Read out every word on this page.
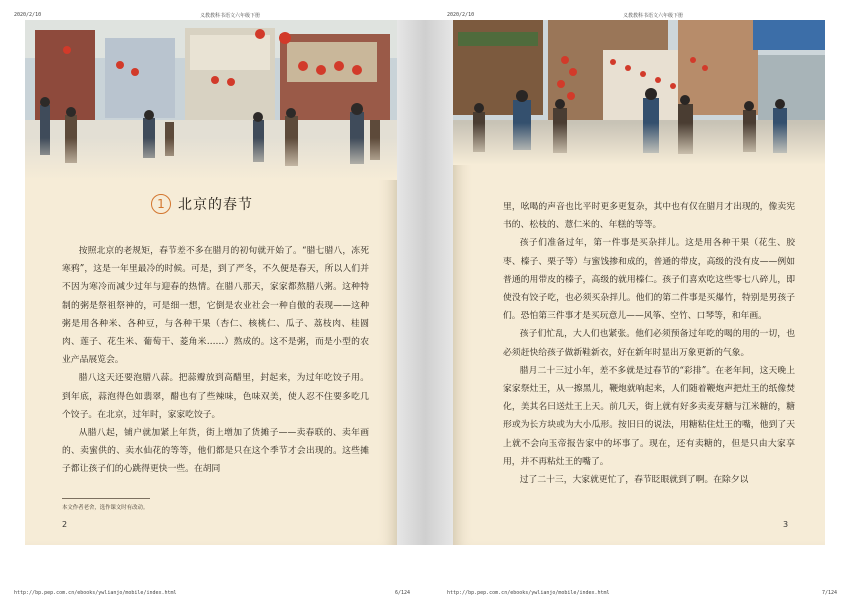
2020/2/10	义教教科书语文六年级下册	2020/2/10	义教教科书语文六年级下册
1 北京的春节

按照北京的老规矩，春节差不多在腊月的初旬就开始了。“腊七腊八，冻死寒鸦”，这是一年里最冷的时候。可是，到了严冬，不久便是春天，所以人们并不因为寒冷而减少过年与迎春的热情。在腊八那天，家家都熬腊八粥。这种特制的粥是祭祖祭神的，可是细一想，它倒是农业社会一种自傲的表现——这种粥是用各种米、各种豆，与各种干果（杏仁、核桃仁、瓜子、荔枝肉、桂圆肉、莲子、花生米、葡萄干、菱角米……）熬成的。这不是粥，而是小型的农业产品展览会。

腊八这天还要泡腊八蒜。把蒜瓣放到高醋里，封起来，为过年吃饺子用。到年底，蒜泡得色如翡翠，醋也有了些辣味，色味双美，使人忍不住要多吃几个饺子。在北京，过年时，家家吃饺子。

从腊八起，铺户就加紧上年货，街上增加了货摊子——卖春联的、卖年画的、卖蜜供的、卖水仙花的等等，他们都是只在这个季节才会出现的。这些摊子都让孩子们的心跳得更快一些。在胡同

本文作者老舍，选作课文时有改动。
2

里，吆喝的声音也比平时更多更复杂，其中也有仅在腊月才出现的，像卖宪书的、松枝的、薏仁米的、年糕的等等。

孩子们准备过年，第一件事是买杂拌儿。这是用各种干果（花生、胶枣、榛子、栗子等）与蜜饯掺和成的，普通的带皮，高级的没有皮——例如普通的用带皮的榛子，高级的就用榛仁。孩子们喜欢吃这些零七八碎儿，即使没有饺子吃，也必须买杂拌儿。他们的第二件事是买爆竹，特别是男孩子们。恐怕第三件事才是买玩意儿——风筝、空竹、口琴等，和年画。

孩子们忙乱，大人们也紧张。他们必须预备过年吃的喝的用的一切，也必须赶快给孩子做新鞋新衣，好在新年时显出万象更新的气象。

腊月二十三过小年，差不多就是过春节的“彩排”。在老年间，这天晚上家家祭灶王，从一擦黑儿，鞭炮就响起来，人们随着鞭炮声把灶王的纸像焚化，美其名曰送灶王上天。前几天，街上就有好多卖麦芽糖与江米糖的，糖形或为长方块或为大小瓜形。按旧日的说法，用糖粘住灶王的嘴，他到了天上就不会向玉帝报告家中的坏事了。现在，还有卖糖的，但是只由大家享用，并不再粘灶王的嘴了。

过了二十三，大家就更忙了，春节眨眼就到了啊。在除夕以

3
http://bp.pep.com.cn/ebooks/ywlianjo/mobile/index.html	6/124	http://bp.pep.com.cn/ebooks/ywlianjo/mobile/index.html	7/124
